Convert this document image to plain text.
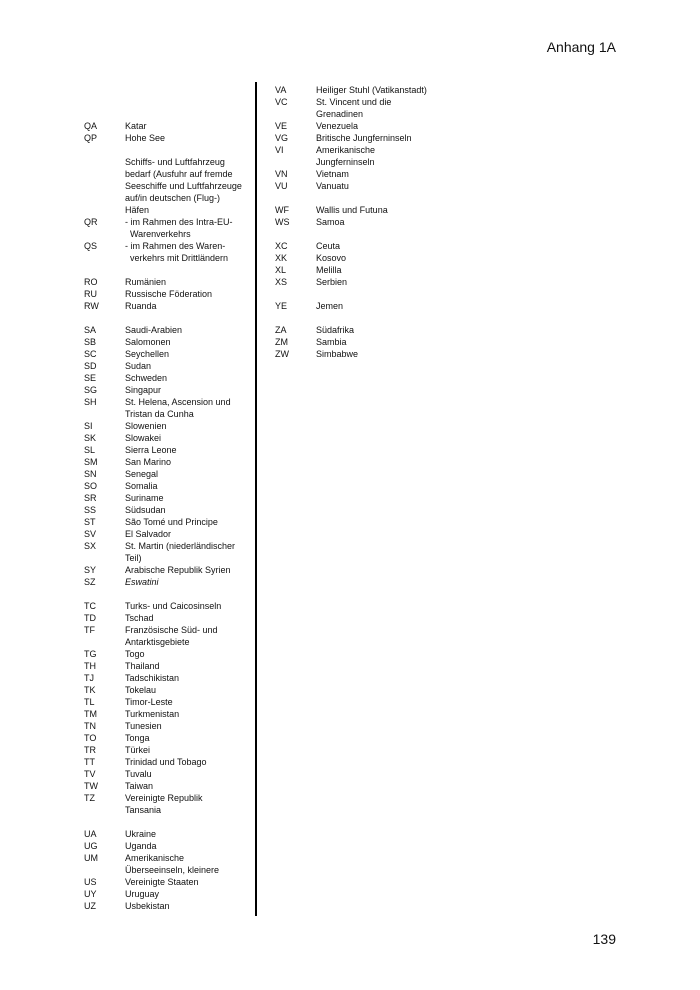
Anhang 1A
QA	Katar
QP	Hohe See
Schiffs- und Luftfahrzeug
bedarf (Ausfuhr auf fremde
Seeschiffe und Luftfahrzeuge
auf/in deutschen (Flug-)
Häfen
QR	- im Rahmen des Intra-EU-
Warenverkehrs
QS	- im Rahmen des Waren-
verkehrs mit Drittländern
RO	Rumänien
RU	Russische Föderation
RW	Ruanda
SA	Saudi-Arabien
SB	Salomonen
SC	Seychellen
SD	Sudan
SE	Schweden
SG	Singapur
SH	St. Helena, Ascension und
Tristan da Cunha
SI	Slowenien
SK	Slowakei
SL	Sierra Leone
SM	San Marino
SN	Senegal
SO	Somalia
SR	Suriname
SS	Südsudan
ST	São Tomé und Principe
SV	El Salvador
SX	St. Martin (niederländischer
Teil)
SY	Arabische Republik Syrien
SZ	Eswatini
TC	Turks- und Caicosinseln
TD	Tschad
TF	Französische Süd- und
Antarktisgebiete
TG	Togo
TH	Thailand
TJ	Tadschikistan
TK	Tokelau
TL	Timor-Leste
TM	Turkmenistan
TN	Tunesien
TO	Tonga
TR	Türkei
TT	Trinidad und Tobago
TV	Tuvalu
TW	Taiwan
TZ	Vereinigte Republik
Tansania
UA	Ukraine
UG	Uganda
UM	Amerikanische
Überseeinseln, kleinere
US	Vereinigte Staaten
UY	Uruguay
UZ	Usbekistan
VA	Heiliger Stuhl (Vatikanstadt)
VC	St. Vincent und die
Grenadinen
VE	Venezuela
VG	Britische Jungferninseln
VI	Amerikanische
Jungferninseln
VN	Vietnam
VU	Vanuatu
WF	Wallis und Futuna
WS	Samoa
XC	Ceuta
XK	Kosovo
XL	Melilla
XS	Serbien
YE	Jemen
ZA	Südafrika
ZM	Sambia
ZW	Simbabwe
139
